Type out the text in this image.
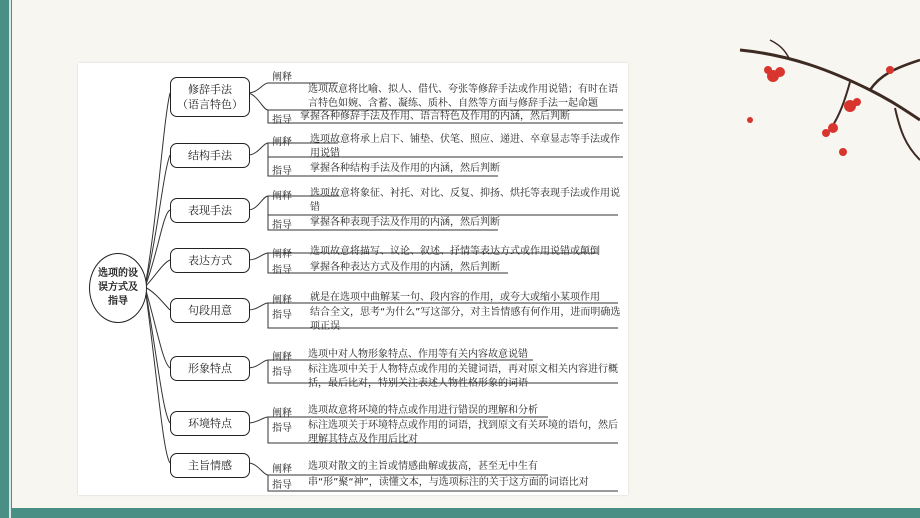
选项的设误方式及指导
修辞手法
（语言特色）
阐释
选项故意将比喻、拟人、借代、夸张等修辞手法或作用说错；有时在语言特色如婉、含蓄、凝练、质朴、自然等方面与修辞手法一起命题
指导 掌握各种修辞手法及作用、语言特色及作用的内涵，然后判断
结构手法
阐释 选项故意将承上启下、铺垫、伏笔、照应、递进、卒章显志等手法或作用说错
指导 掌握各种结构手法及作用的内涵，然后判断
表现手法
阐释 选项故意将象征、衬托、对比、反复、抑扬、烘托等表现手法或作用说错
指导 掌握各种表现手法及作用的内涵，然后判断
表达方式	阐释 选项故意将描写、议论、叙述、抒情等表达方式或作用说错或颠倒
指导 掌握各种表达方式及作用的内涵，然后判断
句段用意
阐释 就是在选项中曲解某一句、段内容的作用，或夸大或缩小某项作用
指导 结合全文，思考“为什么”写这部分，对主旨情感有何作用，进而明确选项正误
形象特点
阐释 选项中对人物形象特点、作用等有关内容故意说错
指导 标注选项中关于人物特点或作用的关键词语，再对原文相关内容进行概括，最后比对，特别关注表述人物性格形象的词语
环境特点
阐释 选项故意将环境的特点或作用进行错误的理解和分析
指导 标注选项关于环境特点或作用的词语，找到原文有关环境的语句，然后理解其特点及作用后比对
主旨情感	阐释 选项对散文的主旨或情感曲解或拔高，甚至无中生有
指导 串“形”聚“神”，读懂文本，与选项标注的关于这方面的词语比对
